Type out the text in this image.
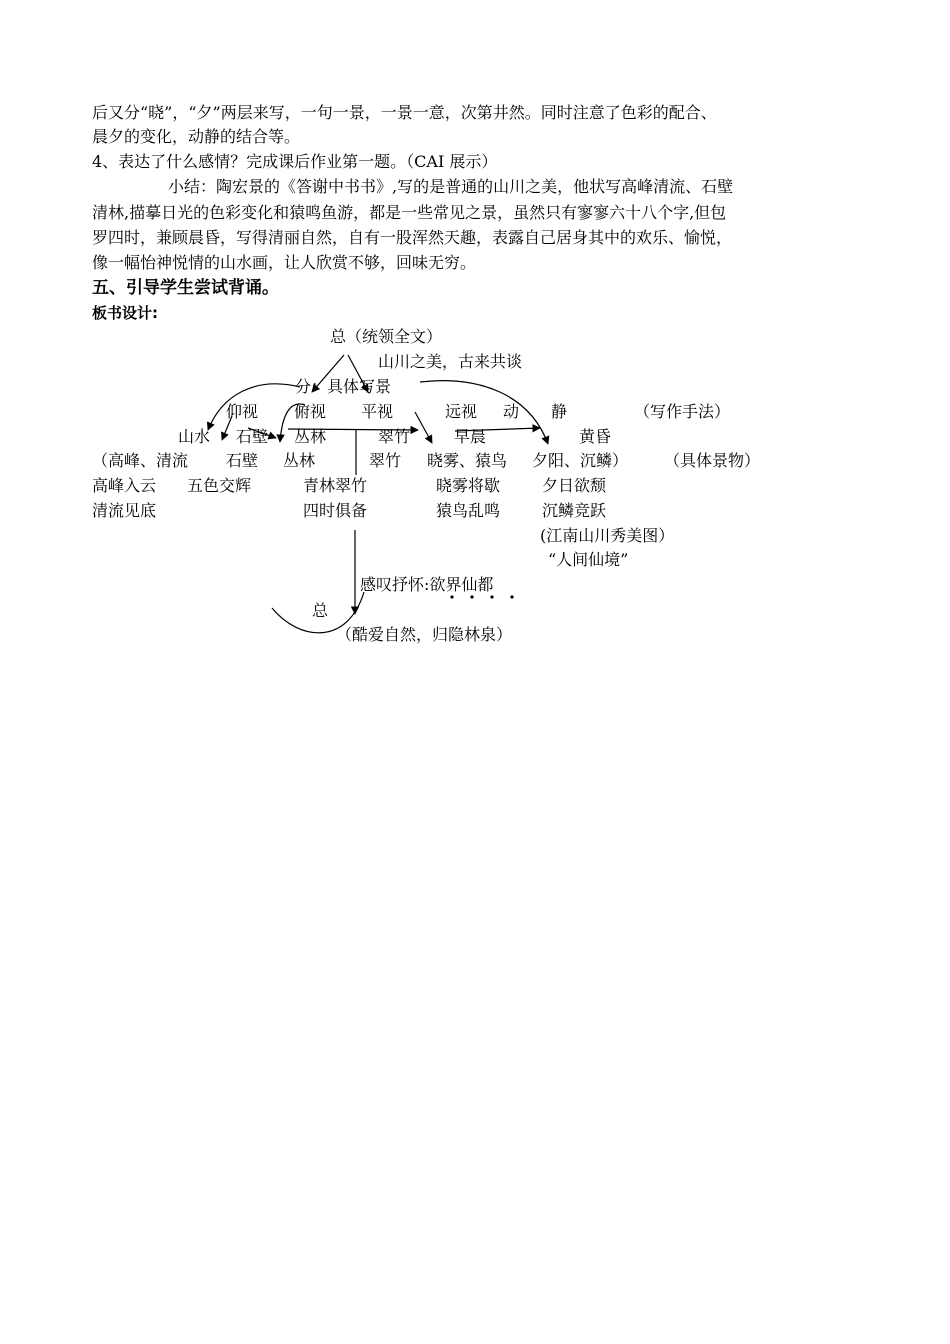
后又分“晓”，“夕”两层来写，一句一景，一景一意，次第井然。同时注意了色彩的配合、
晨夕的变化，动静的结合等。
4、表达了什么感情？完成课后作业第一题。（CAI 展示）
小结：陶宏景的《答谢中书书》,写的是普通的山川之美，他状写高峰清流、石壁
清林,描摹日光的色彩变化和猿鸣鱼游，都是一些常见之景，虽然只有寥寥六十八个字,但包
罗四时，兼顾晨昏，写得清丽自然，自有一股浑然天趣，表露自己居身其中的欢乐、愉悦，
像一幅怡神悦情的山水画，让人欣赏不够，回味无穷。
五、引导学生尝试背诵。
板书设计:
总（统领全文）
山川之美，古来共谈
分：具体写景
仰视 俯视 平视	远视 动 静	（写作手法）
山水 石壁 丛林	翠竹	早晨	黄昏
（高峰、清流 石壁 丛林	翠竹 晓雾、猿鸟 夕阳、沉鳞） （具体景物）
高峰入云 五色交辉	青林翠竹	晓雾将歇	夕日欲颓
清流见底	四时俱备	猿鸟乱鸣	沉鳞竞跃
(江南山川秀美图）
“人间仙境”
感叹抒怀:欲界仙都
总
（酷爱自然，归隐林泉）
